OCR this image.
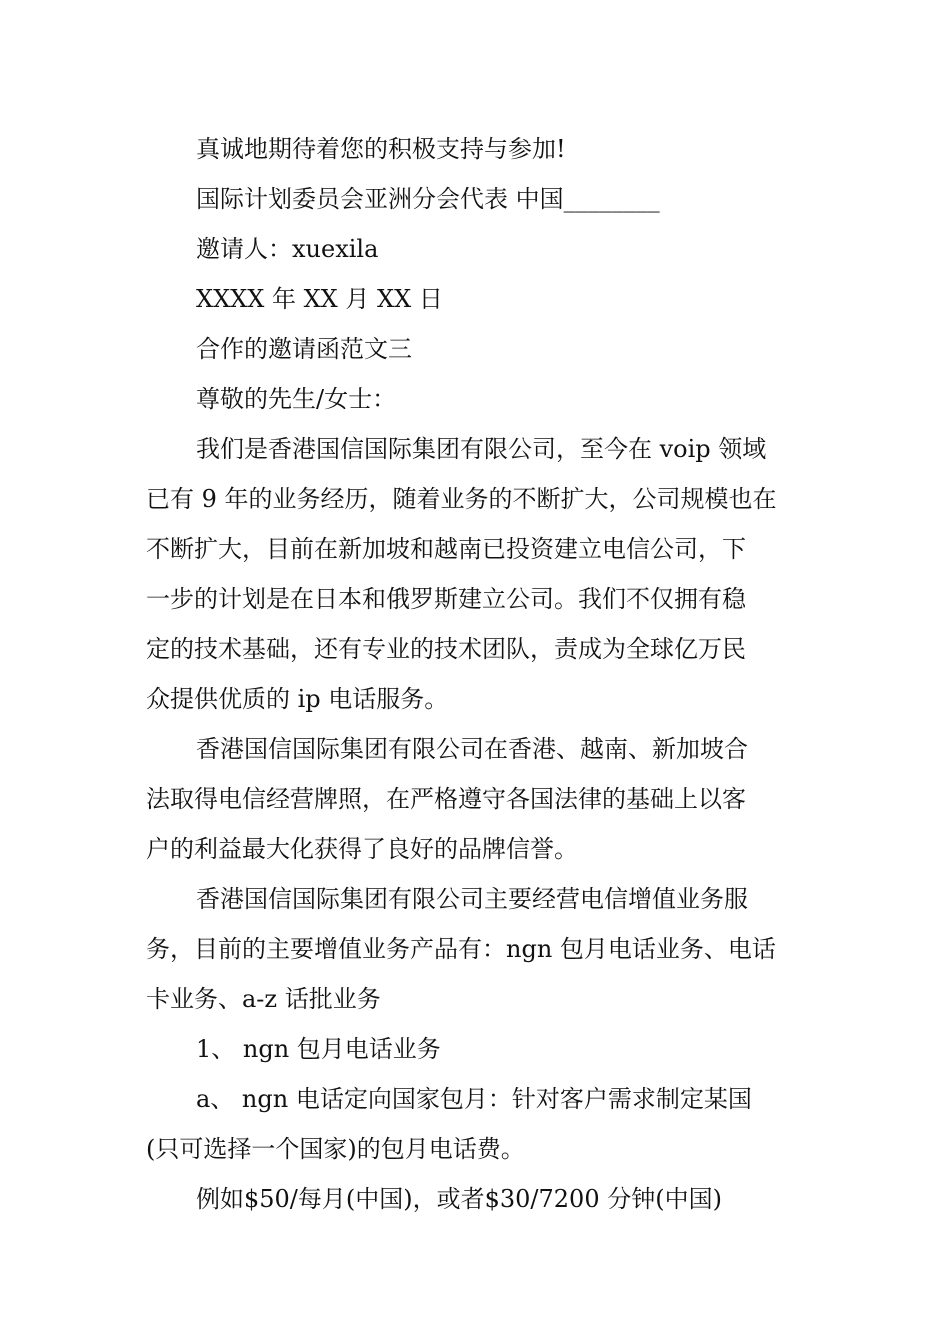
真诚地期待着您的积极支持与参加!
国际计划委员会亚洲分会代表 中国________
邀请人：xuexila
XXXX 年 XX 月 XX 日
合作的邀请函范文三
尊敬的先生/女士：
我们是香港国信国际集团有限公司，至今在 voip 领域
已有 9 年的业务经历，随着业务的不断扩大，公司规模也在
不断扩大，目前在新加坡和越南已投资建立电信公司，下
一步的计划是在日本和俄罗斯建立公司。我们不仅拥有稳
定的技术基础，还有专业的技术团队，责成为全球亿万民
众提供优质的 ip 电话服务。
香港国信国际集团有限公司在香港、越南、新加坡合
法取得电信经营牌照，在严格遵守各国法律的基础上以客
户的利益最大化获得了良好的品牌信誉。
香港国信国际集团有限公司主要经营电信增值业务服
务，目前的主要增值业务产品有：ngn 包月电话业务、电话
卡业务、a-z 话批业务
1、 ngn 包月电话业务
a、 ngn 电话定向国家包月：针对客户需求制定某国
(只可选择一个国家)的包月电话费。
例如$50/每月(中国)，或者$30/7200 分钟(中国)
